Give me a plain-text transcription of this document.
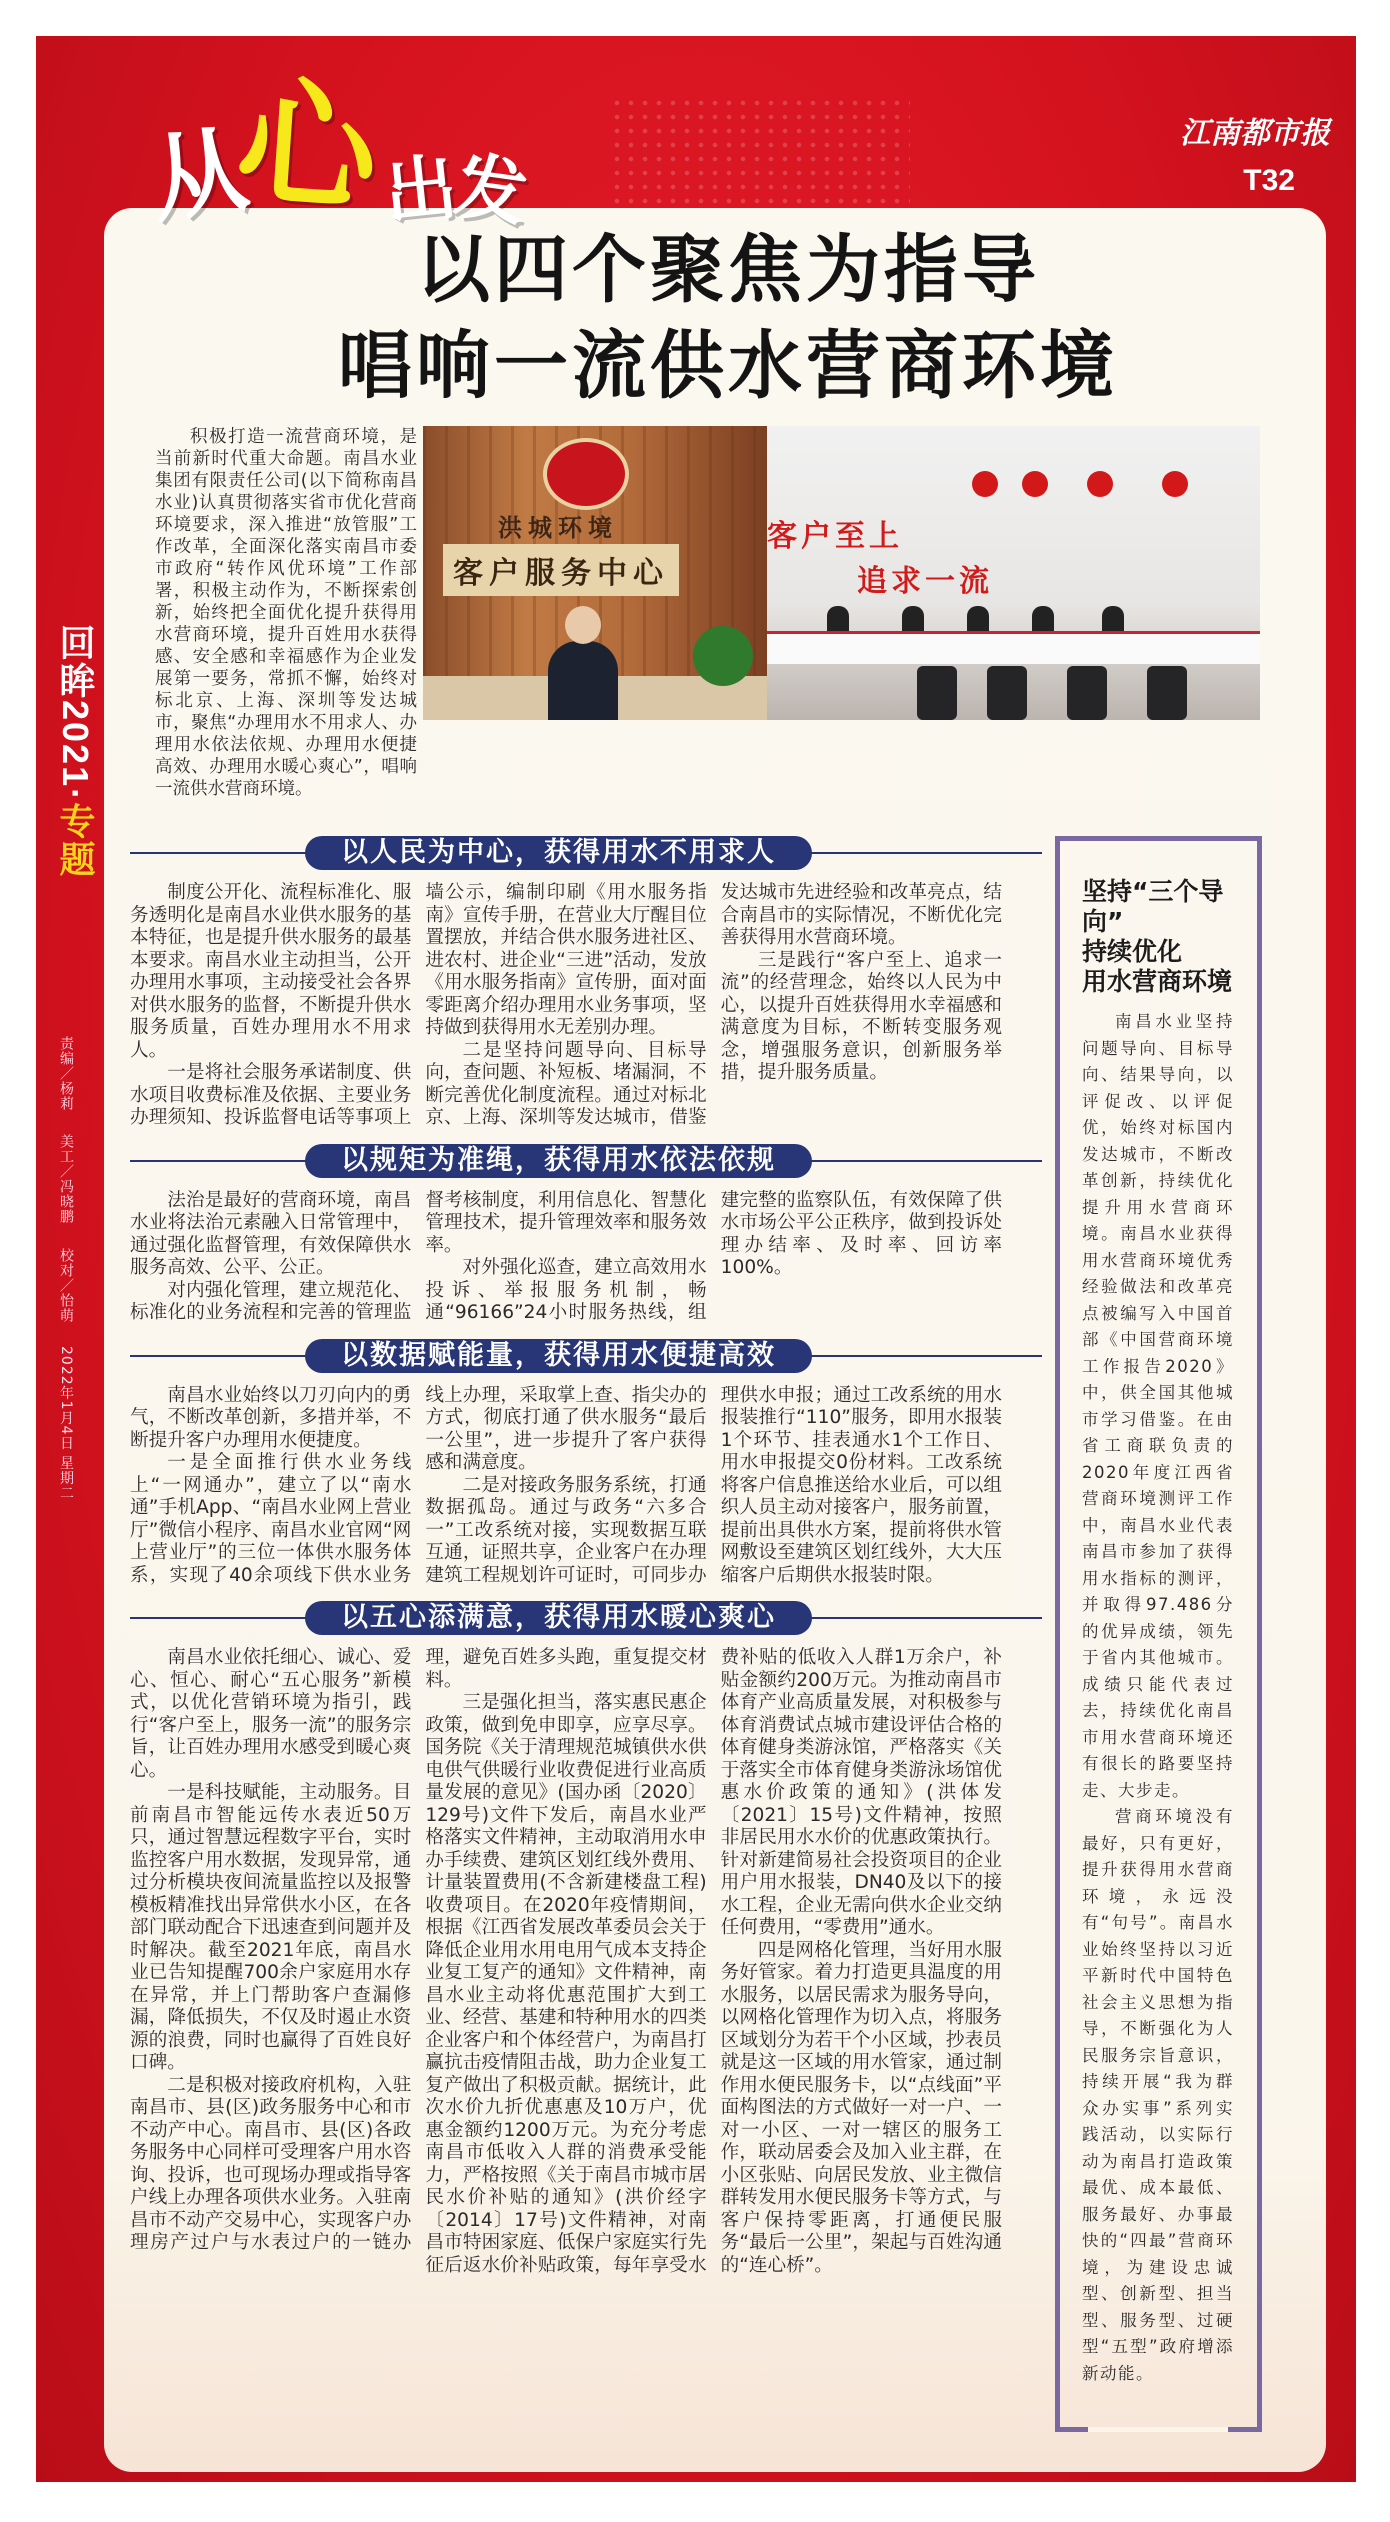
以四个聚焦为指导
唱响一流供水营商环境
积极打造一流营商环境，是当前新时代重大命题。南昌水业集团有限责任公司(以下简称南昌水业)认真贯彻落实省市优化营商环境要求，深入推进“放管服”工作改革，全面深化落实南昌市委市政府“转作风优环境”工作部署，积极主动作为，不断探索创新，始终把全面优化提升获得用水营商环境，提升百姓用水获得感、安全感和幸福感作为企业发展第一要务，常抓不懈，始终对标北京、上海、深圳等发达城市，聚焦“办理用水不用求人、办理用水依法依规、办理用水便捷高效、办理用水暖心爽心”，唱响一流供水营商环境。
洪城环境
客户服务中心
客户至上
追求一流
以人民为中心，获得用水不用求人

制度公开化、流程标准化、服务透明化是南昌水业供水服务的基本特征，也是提升供水服务的最基本要求。南昌水业主动担当，公开办理用水事项，主动接受社会各界对供水服务的监督，不断提升供水服务质量，百姓办理用水不用求人。

一是将社会服务承诺制度、供水项目收费标准及依据、主要业务办理须知、投诉监督电话等事项上墙公示，编制印刷《用水服务指南》宣传手册，在营业大厅醒目位置摆放，并结合供水服务进社区、进农村、进企业“三进”活动，发放《用水服务指南》宣传册，面对面零距离介绍办理用水业务事项，坚持做到获得用水无差别办理。

二是坚持问题导向、目标导向，查问题、补短板、堵漏洞，不断完善优化制度流程。通过对标北京、上海、深圳等发达城市，借鉴发达城市先进经验和改革亮点，结合南昌市的实际情况，不断优化完善获得用水营商环境。

三是践行“客户至上、追求一流”的经营理念，始终以人民为中心，以提升百姓获得用水幸福感和满意度为目标，不断转变服务观念，增强服务意识，创新服务举措，提升服务质量。

以规矩为准绳，获得用水依法依规

法治是最好的营商环境，南昌水业将法治元素融入日常管理中，通过强化监督管理，有效保障供水服务高效、公平、公正。

对内强化管理，建立规范化、标准化的业务流程和完善的管理监督考核制度，利用信息化、智慧化管理技术，提升管理效率和服务效率。

对外强化巡查，建立高效用水投诉、举报服务机制，畅通“96166”24小时服务热线，组建完整的监察队伍，有效保障了供水市场公平公正秩序，做到投诉处理办结率、及时率、回访率100%。

以数据赋能量，获得用水便捷高效

南昌水业始终以刀刃向内的勇气，不断改革创新，多措并举，不断提升客户办理用水便捷度。

一是全面推行供水业务线上“一网通办”，建立了以“南水通”手机App、“南昌水业网上营业厅”微信小程序、南昌水业官网“网上营业厅”的三位一体供水服务体系，实现了40余项线下供水业务线上办理，采取掌上查、指尖办的方式，彻底打通了供水服务“最后一公里”，进一步提升了客户获得感和满意度。

二是对接政务服务系统，打通数据孤岛。通过与政务“六多合一”工改系统对接，实现数据互联互通，证照共享，企业客户在办理建筑工程规划许可证时，可同步办理供水申报；通过工改系统的用水报装推行“110”服务，即用水报装1个环节、挂表通水1个工作日、用水申报提交0份材料。工改系统将客户信息推送给水业后，可以组织人员主动对接客户，服务前置，提前出具供水方案，提前将供水管网敷设至建筑区划红线外，大大压缩客户后期供水报装时限。

以五心添满意，获得用水暖心爽心

南昌水业依托细心、诚心、爱心、恒心、耐心“五心服务”新模式，以优化营销环境为指引，践行“客户至上，服务一流”的服务宗旨，让百姓办理用水感受到暖心爽心。

一是科技赋能，主动服务。目前南昌市智能远传水表近50万只，通过智慧远程数字平台，实时监控客户用水数据，发现异常，通过分析模块夜间流量监控以及报警模板精准找出异常供水小区，在各部门联动配合下迅速查到问题并及时解决。截至2021年底，南昌水业已告知提醒700余户家庭用水存在异常，并上门帮助客户查漏修漏，降低损失，不仅及时遏止水资源的浪费，同时也赢得了百姓良好口碑。

二是积极对接政府机构，入驻南昌市、县(区)政务服务中心和市不动产中心。南昌市、县(区)各政务服务中心同样可受理客户用水咨询、投诉，也可现场办理或指导客户线上办理各项供水业务。入驻南昌市不动产交易中心，实现客户办理房产过户与水表过户的一链办理，避免百姓多头跑，重复提交材料。

三是强化担当，落实惠民惠企政策，做到免申即享，应享尽享。国务院《关于清理规范城镇供水供电供气供暖行业收费促进行业高质量发展的意见》(国办函〔2020〕129号)文件下发后，南昌水业严格落实文件精神，主动取消用水申办手续费、建筑区划红线外费用、计量装置费用(不含新建楼盘工程)收费项目。在2020年疫情期间，根据《江西省发展改革委员会关于降低企业用水用电用气成本支持企业复工复产的通知》文件精神，南昌水业主动将优惠范围扩大到工业、经营、基建和特种用水的四类企业客户和个体经营户，为南昌打赢抗击疫情阻击战，助力企业复工复产做出了积极贡献。据统计，此次水价九折优惠惠及10万户，优惠金额约1200万元。为充分考虑南昌市低收入人群的消费承受能力，严格按照《关于南昌市城市居民水价补贴的通知》(洪价经字〔2014〕17号)文件精神，对南昌市特困家庭、低保户家庭实行先征后返水价补贴政策，每年享受水费补贴的低收入人群1万余户，补贴金额约200万元。为推动南昌市体育产业高质量发展，对积极参与体育消费试点城市建设评估合格的体育健身类游泳馆，严格落实《关于落实全市体育健身类游泳场馆优惠水价政策的通知》(洪体发〔2021〕15号)文件精神，按照非居民用水水价的优惠政策执行。针对新建简易社会投资项目的企业用户用水报装，DN40及以下的接水工程，企业无需向供水企业交纳任何费用，“零费用”通水。

四是网格化管理，当好用水服务好管家。着力打造更具温度的用水服务，以居民需求为服务导向，以网格化管理作为切入点，将服务区域划分为若干个小区域，抄表员就是这一区域的用水管家，通过制作用水便民服务卡，以“点线面”平面构图法的方式做好一对一户、一对一小区、一对一辖区的服务工作，联动居委会及加入业主群，在小区张贴、向居民发放、业主微信群转发用水便民服务卡等方式，与客户保持零距离，打通便民服务“最后一公里”，架起与百姓沟通的“连心桥”。

坚持“三个导向”
持续优化
用水营商环境

南昌水业坚持问题导向、目标导向、结果导向，以评促改、以评促优，始终对标国内发达城市，不断改革创新，持续优化提升用水营商环境。南昌水业获得用水营商环境优秀经验做法和改革亮点被编写入中国首部《中国营商环境工作报告2020》中，供全国其他城市学习借鉴。在由省工商联负责的2020年度江西省营商环境测评工作中，南昌水业代表南昌市参加了获得用水指标的测评，并取得97.486分的优异成绩，领先于省内其他城市。成绩只能代表过去，持续优化南昌市用水营商环境还有很长的路要坚持走、大步走。

营商环境没有最好，只有更好，提升获得用水营商环境，永远没有“句号”。南昌水业始终坚持以习近平新时代中国特色社会主义思想为指导，不断强化为人民服务宗旨意识，持续开展“我为群众办实事”系列实践活动，以实际行动为南昌打造政策最优、成本最低、服务最好、办事最快的“四最”营商环境，为建设忠诚型、创新型、担当型、服务型、过硬型“五型”政府增添新动能。

从
心
出
发
江南都市报
T32
回眸2021·专题
责编／杨莉 美工／冯晓鹏 校对／怡萌 2022年1月4日 星期二
